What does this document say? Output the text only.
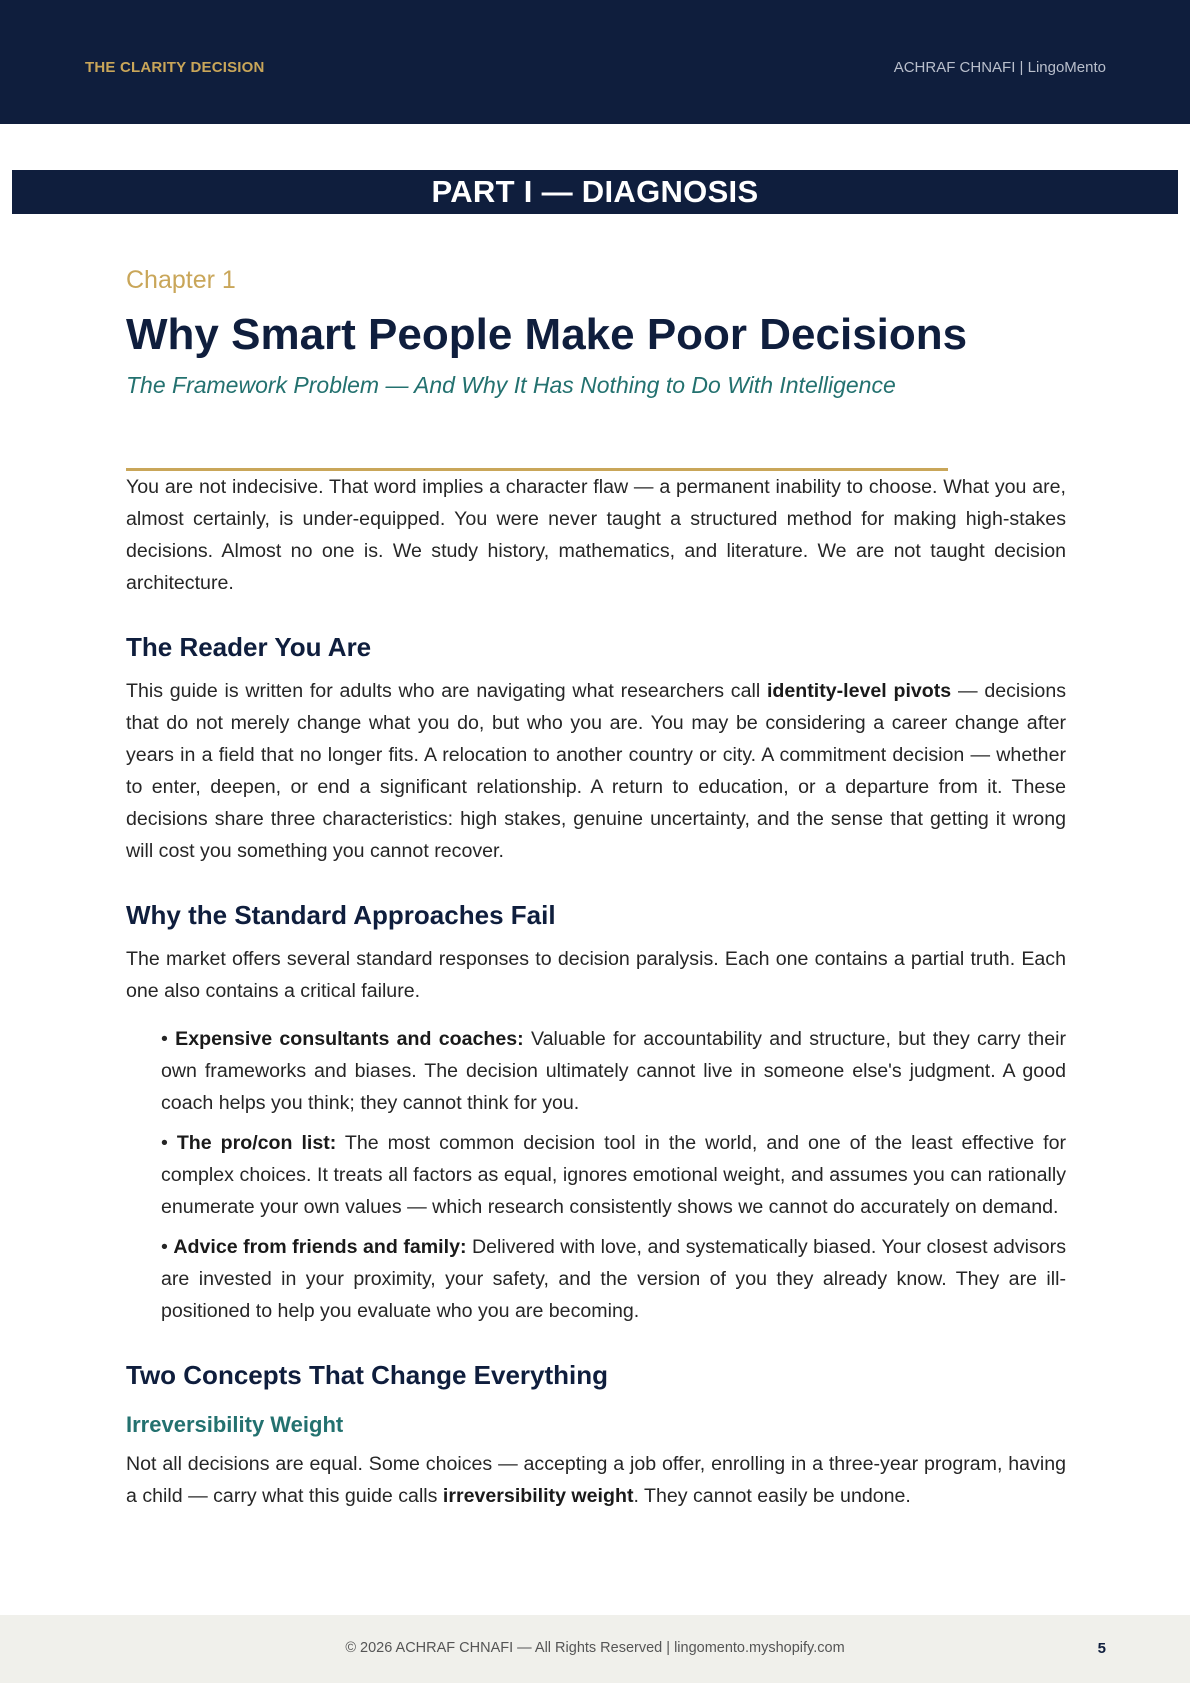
THE CLARITY DECISION	ACHRAF CHNAFI | LingoMento
PART I — DIAGNOSIS
Chapter 1
Why Smart People Make Poor Decisions
The Framework Problem — And Why It Has Nothing to Do With Intelligence

You are not indecisive. That word implies a character flaw — a permanent inability to choose. What you are, almost certainly, is under-equipped. You were never taught a structured method for making high-stakes decisions. Almost no one is. We study history, mathematics, and literature. We are not taught decision architecture.

The Reader You Are

This guide is written for adults who are navigating what researchers call identity-level pivots — decisions that do not merely change what you do, but who you are. You may be considering a career change after years in a field that no longer fits. A relocation to another country or city. A commitment decision — whether to enter, deepen, or end a significant relationship. A return to education, or a departure from it. These decisions share three characteristics: high stakes, genuine uncertainty, and the sense that getting it wrong will cost you something you cannot recover.

Why the Standard Approaches Fail

The market offers several standard responses to decision paralysis. Each one contains a partial truth. Each one also contains a critical failure.

• Expensive consultants and coaches: Valuable for accountability and structure, but they carry their own frameworks and biases. The decision ultimately cannot live in someone else's judgment. A good coach helps you think; they cannot think for you.
• The pro/con list: The most common decision tool in the world, and one of the least effective for complex choices. It treats all factors as equal, ignores emotional weight, and assumes you can rationally enumerate your own values — which research consistently shows we cannot do accurately on demand.
• Advice from friends and family: Delivered with love, and systematically biased. Your closest advisors are invested in your proximity, your safety, and the version of you they already know. They are ill-positioned to help you evaluate who you are becoming.
Two Concepts That Change Everything
Irreversibility Weight

Not all decisions are equal. Some choices — accepting a job offer, enrolling in a three-year program, having a child — carry what this guide calls irreversibility weight. They cannot easily be undone.

© 2026 ACHRAF CHNAFI — All Rights Reserved | lingomento.myshopify.com	5
